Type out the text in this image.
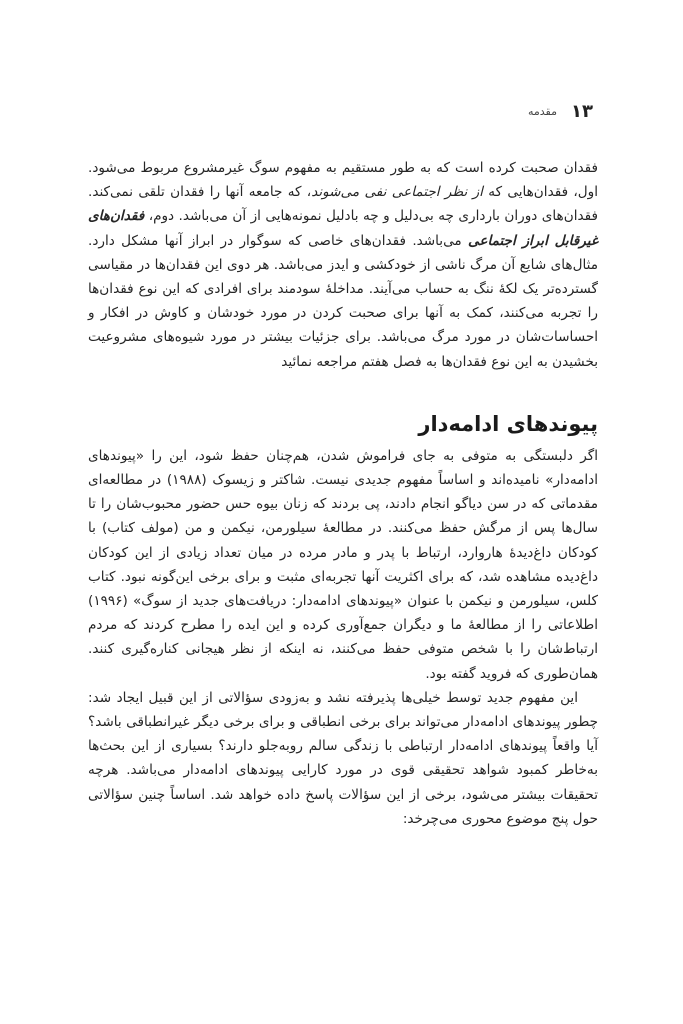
۱۳
مقدمه

فقدان صحبت کرده است که به طور مستقیم به مفهوم سوگ غیرمشروع مربوط می‌شود. اول، فقدان‌هایی که از نظر اجتماعی نفی می‌شوند، که جامعه آنها را فقدان تلقی نمی‌کند. فقدان‌های دوران بارداری چه بی‌دلیل و چه بادلیل نمونه‌هایی از آن می‌باشد. دوم، فقدان‌های غیرقابل ابراز اجتماعی می‌باشد. فقدان‌های خاصی که سوگوار در ابراز آنها مشکل دارد. مثال‌های شایع آن مرگ ناشی از خودکشی و ایدز می‌باشد. هر دوی این فقدان‌ها در مقیاسی گسترده‌تر یک لکهٔ ننگ به حساب می‌آیند. مداخلهٔ سودمند برای افرادی که این نوع فقدان‌ها را تجربه می‌کنند، کمک به آنها برای صحبت کردن در مورد خودشان و کاوش در افکار و احساسات‌شان در مورد مرگ می‌باشد. برای جزئیات بیشتر در مورد شیوه‌های مشروعیت بخشیدن به این نوع فقدان‌ها به فصل هفتم مراجعه نمائید

پیوندهای ادامه‌دار

اگر دلبستگی به متوفی به جای فراموش شدن، هم‌چنان حفظ شود، این را «پیوندهای ادامه‌دار» نامیده‌اند و اساساً مفهوم جدیدی نیست. شاکتر و زیسوک (۱۹۸۸) در مطالعه‌ای مقدماتی که در سن دیاگو انجام دادند، پی بردند که زنان بیوه حس حضور محبوب‌شان را تا سال‌ها پس از مرگش حفظ می‌کنند. در مطالعهٔ سیلورمن، نیکمن و من (مولف کتاب) با کودکان داغ‌دیدهٔ هاروارد، ارتباط با پدر و مادر مرده در میان تعداد زیادی از این کودکان داغ‌دیده مشاهده شد، که برای اکثریت آنها تجربه‌ای مثبت و برای برخی این‌گونه نبود. کتاب کلس، سیلورمن و نیکمن با عنوان «پیوندهای ادامه‌دار: دریافت‌های جدید از سوگ» (۱۹۹۶) اطلاعاتی را از مطالعهٔ ما و دیگران جمع‌آوری کرده و این ایده را مطرح کردند که مردم ارتباط‌شان را با شخص متوفی حفظ می‌کنند، نه اینکه از نظر هیجانی کناره‌گیری کنند. همان‌طوری که فروید گفته بود.

این مفهوم جدید توسط خیلی‌ها پذیرفته نشد و به‌زودی سؤالاتی از این قبیل ایجاد شد: چطور پیوندهای ادامه‌دار می‌تواند برای برخی انطباقی و برای برخی دیگر غیرانطباقی باشد؟ آیا واقعاً پیوندهای ادامه‌دار ارتباطی با زندگی سالم روبه‌جلو دارند؟ بسیاری از این بحث‌ها به‌خاطر کمبود شواهد تحقیقی قوی در مورد کارایی پیوندهای ادامه‌دار می‌باشد. هرچه تحقیقات بیشتر می‌شود، برخی از این سؤالات پاسخ داده خواهد شد. اساساً چنین سؤالاتی حول پنج موضوع محوری می‌چرخد:
